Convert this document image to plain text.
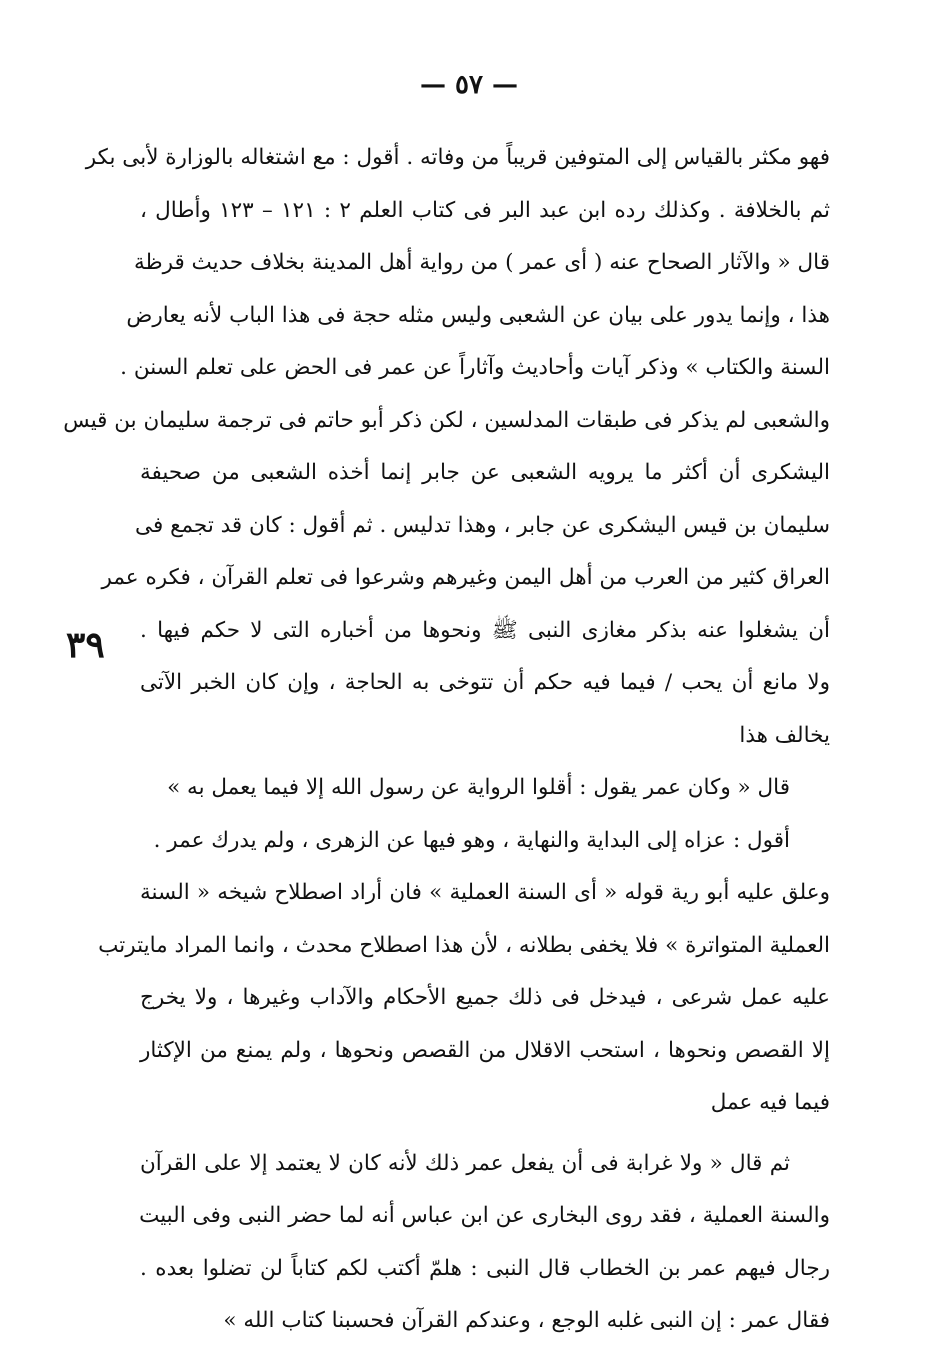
— ٥٧ —
٣٩
فهو مكثر بالقياس إلى المتوفين قريباً من وفاته . أقول : مع اشتغاله بالوزارة لأبى بكر
ثم بالخلافة . وكذلك رده ابن عبد البر فى كتاب العلم ٢ : ١٢١ – ١٢٣ وأطال ،
قال « والآثار الصحاح عنه ( أى عمر ) من رواية أهل المدينة بخلاف حديث قرظة
هذا ، وإنما يدور على بيان عن الشعبى وليس مثله حجة فى هذا الباب لأنه يعارض
السنة والكتاب » وذكر آيات وأحاديث وآثاراً عن عمر فى الحض على تعلم السنن .
والشعبى لم يذكر فى طبقات المدلسين ، لكن ذكر أبو حاتم فى ترجمة سليمان بن قيس
اليشكرى أن أكثر ما يرويه الشعبى عن جابر إنما أخذه الشعبى من صحيفة
سليمان بن قيس اليشكرى عن جابر ، وهذا تدليس . ثم أقول : كان قد تجمع فى
العراق كثير من العرب من أهل اليمن وغيرهم وشرعوا فى تعلم القرآن ، فكره عمر
أن يشغلوا عنه بذكر مغازى النبى ﷺ ونحوها من أخباره التى لا حكم فيها .
ولا مانع أن يحب / فيما فيه حكم أن تتوخى به الحاجة ، وإن كان الخبر الآتى
يخالف هذا
قال « وكان عمر يقول : أقلوا الرواية عن رسول الله إلا فيما يعمل به »
أقول : عزاه إلى البداية والنهاية ، وهو فيها عن الزهرى ، ولم يدرك عمر .
وعلق عليه أبو رية قوله « أى السنة العملية » فان أراد اصطلاح شيخه « السنة
العملية المتواترة » فلا يخفى بطلانه ، لأن هذا اصطلاح محدث ، وانما المراد مايترتب
عليه عمل شرعى ، فيدخل فى ذلك جميع الأحكام والآداب وغيرها ، ولا يخرج
إلا القصص ونحوها ، استحب الاقلال من القصص ونحوها ، ولم يمنع من الإكثار
فيما فيه عمل
ثم قال « ولا غرابة فى أن يفعل عمر ذلك لأنه كان لا يعتمد إلا على القرآن
والسنة العملية ، فقد روى البخارى عن ابن عباس أنه لما حضر النبى وفى البيت
رجال فيهم عمر بن الخطاب قال النبى : هلمّ أكتب لكم كتاباً لن تضلوا بعده .
فقال عمر : إن النبى غلبه الوجع ، وعندكم القرآن فحسبنا كتاب الله »
